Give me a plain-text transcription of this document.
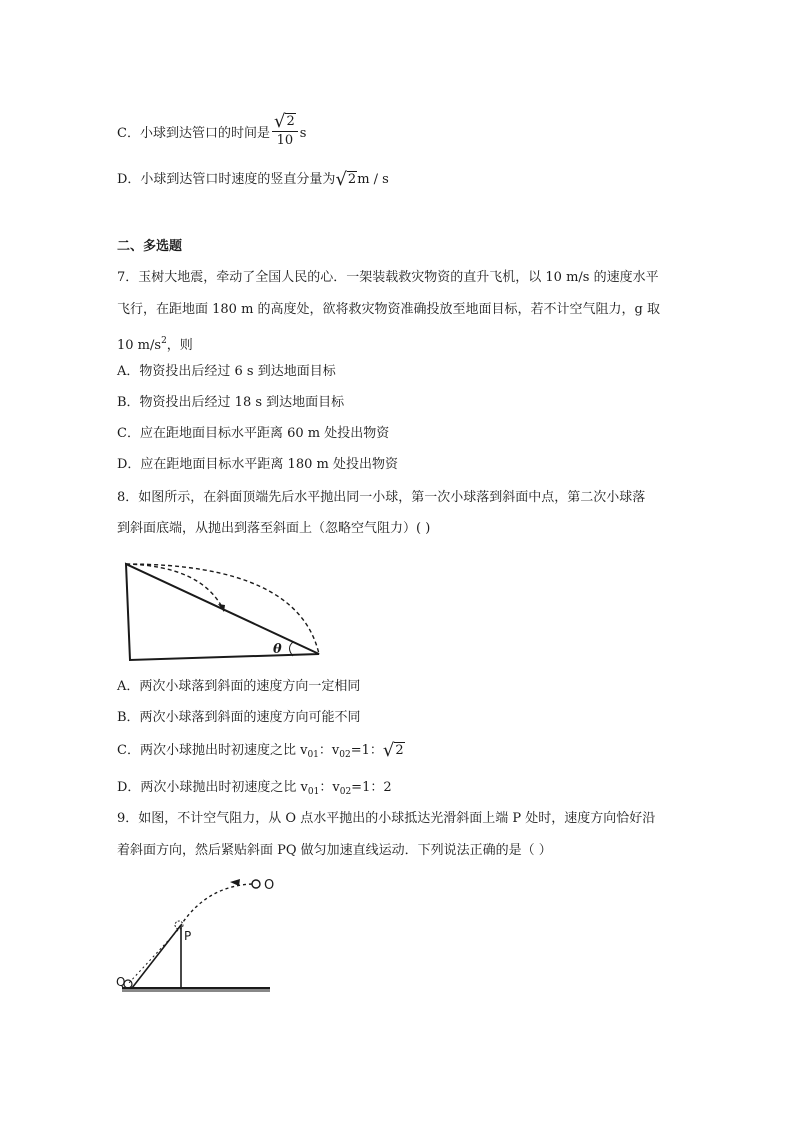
C．小球到达管口的时间是 $\frac{√2}{10}$ s
D．小球到达管口时速度的竖直分量为√2m / s
二、多选题
7．玉树大地震，牵动了全国人民的心．一架装载救灾物资的直升飞机，以 10 m/s 的速度水平
飞行，在距地面 180 m 的高度处，欲将救灾物资准确投放至地面目标，若不计空气阻力，g 取
10 $m/s^2$，则
A．物资投出后经过 6 s 到达地面目标
B．物资投出后经过 18 s 到达地面目标
C．应在距地面目标水平距离 60 m 处投出物资
D．应在距地面目标水平距离 180 m 处投出物资
8．如图所示，在斜面顶端先后水平抛出同一小球，第一次小球落到斜面中点，第二次小球落
到斜面底端，从抛出到落至斜面上（忽略空气阻力）( )
θ
A．两次小球落到斜面的速度方向一定相同
B．两次小球落到斜面的速度方向可能不同
C．两次小球抛出时初速度之比 $v_{01}$：$v_{02}=1$：√2
D．两次小球抛出时初速度之比 $v_{01}$：$v_{02}=1$：2
9．如图，不计空气阻力，从 O 点水平抛出的小球抵达光滑斜面上端 P 处时，速度方向恰好沿
着斜面方向，然后紧贴斜面 PQ 做匀加速直线运动．下列说法正确的是（ ）
O
P
Q
